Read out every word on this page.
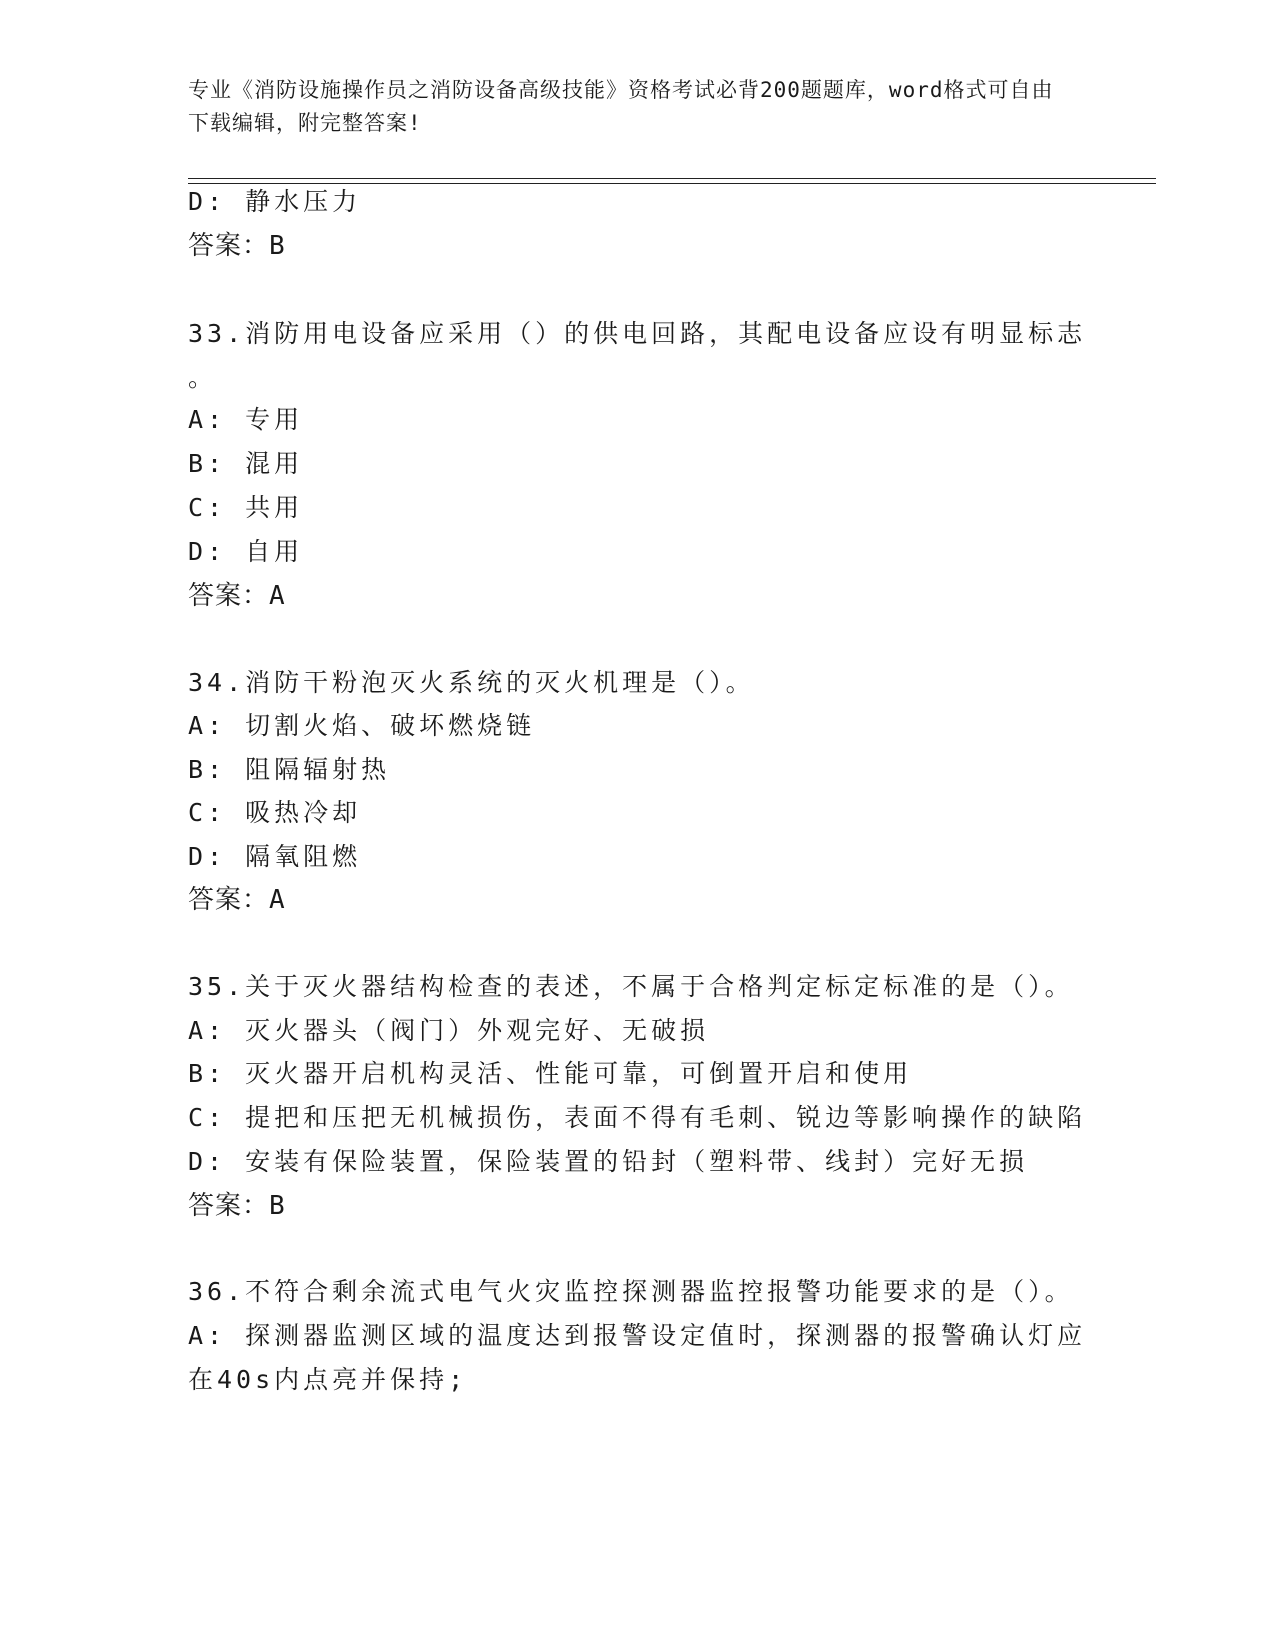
专业《消防设施操作员之消防设备高级技能》资格考试必背200题题库，word格式可自由下载编辑，附完整答案!
D: 静水压力
答案：B
33.消防用电设备应采用（）的供电回路，其配电设备应设有明显标志
。
A: 专用
B: 混用
C: 共用
D: 自用
答案：A
34.消防干粉泡灭火系统的灭火机理是（）。
A: 切割火焰、破坏燃烧链
B: 阻隔辐射热
C: 吸热冷却
D: 隔氧阻燃
答案：A
35.关于灭火器结构检查的表述，不属于合格判定标定标准的是（）。
A: 灭火器头（阀门）外观完好、无破损
B: 灭火器开启机构灵活、性能可靠，可倒置开启和使用
C: 提把和压把无机械损伤，表面不得有毛刺、锐边等影响操作的缺陷
D: 安装有保险装置，保险装置的铅封（塑料带、线封）完好无损
答案：B
36.不符合剩余流式电气火灾监控探测器监控报警功能要求的是（）。
A: 探测器监测区域的温度达到报警设定值时，探测器的报警确认灯应
在40s内点亮并保持;
